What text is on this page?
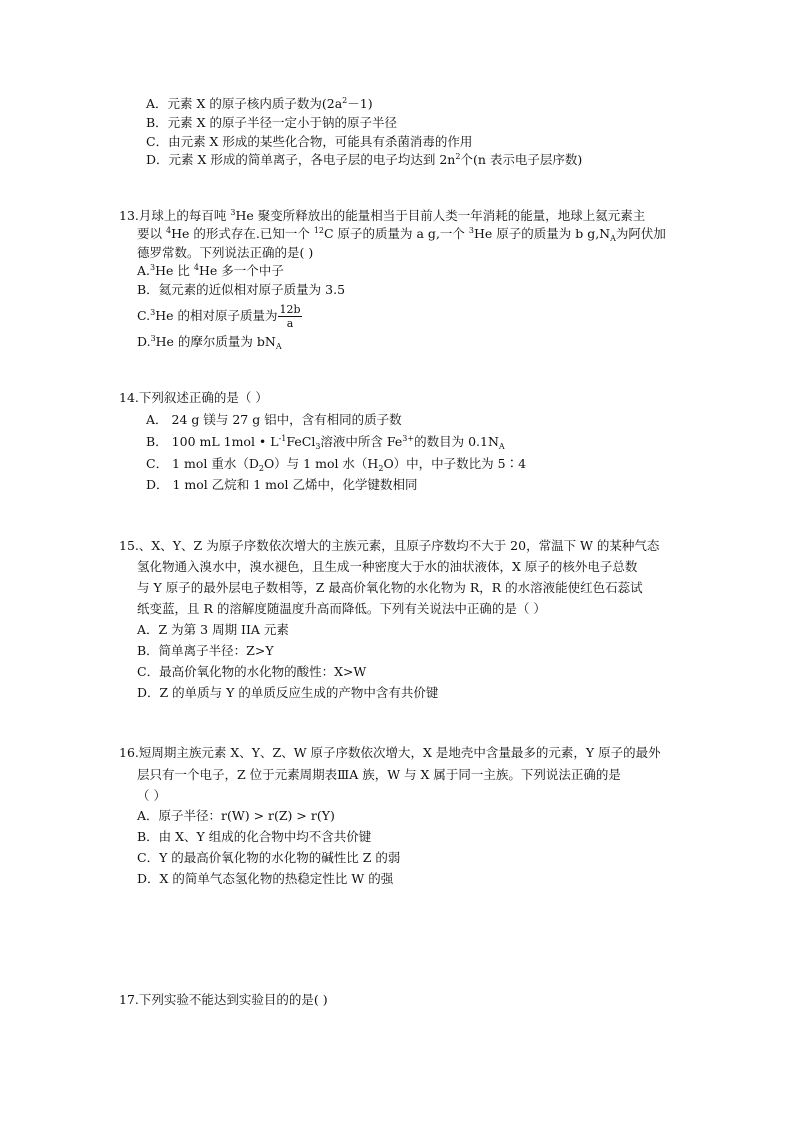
A．元素 X 的原子核内质子数为$(2a^2-1)$
B．元素 X 的原子半径一定小于钠的原子半径
C．由元素 X 形成的某些化合物，可能具有杀菌消毒的作用
D．元素 X 形成的简单离子，各电子层的电子均达到 $2n^2$个(n 表示电子层序数)
13.月球上的每百吨 $^3$He 聚变所释放出的能量相当于目前人类一年消耗的能量，地球上氦元素主
要以 $^4$He 的形式存在.已知一个 $^{12}$C 原子的质量为 a g,一个 $^3$He 原子的质量为 b $g,N_A$为阿伏加
德罗常数。下列说法正确的是( )
A.$^3$He 比 $^4$He 多一个中子
B．氦元素的近似相对原子质量为 3.5
C.$^3$He 的相对原子质量为 $\frac{12b}{a}$
D.$^3$He 的摩尔质量为 $bN_A$
14.下列叙述正确的是（ ）
A． 24 g 镁与 27 g 铝中，含有相同的质子数
B． 100 mL 1mol • $L^{-1}FeCl_3$溶液中所含 $Fe^{3+}$的数目为 $0.1N_A$
C． 1 mol 重水$(D_2O)$与 1 mol 水$(H_2O)$中，中子数比为 5∶4
D． 1 mol 乙烷和 1 mol 乙烯中，化学键数相同
15.、X、Y、Z 为原子序数依次增大的主族元素，且原子序数均不大于 20，常温下 W 的某种气态
氢化物通入溴水中，溴水褪色，且生成一种密度大于水的油状液体，X 原子的核外电子总数
与 Y 原子的最外层电子数相等，Z 最高价氧化物的水化物为 R，R 的水溶液能使红色石蕊试
纸变蓝，且 R 的溶解度随温度升高而降低。下列有关说法中正确的是（ ）
A．Z 为第 3 周期 IIA 元素
B．简单离子半径：Z>Y
C．最高价氧化物的水化物的酸性：X>W
D．Z 的单质与 Y 的单质反应生成的产物中含有共价键
16.短周期主族元素 X、Y、Z、W 原子序数依次增大，X 是地壳中含量最多的元素，Y 原子的最外
层只有一个电子，Z 位于元素周期表ⅢA 族，W 与 X 属于同一主族。下列说法正确的是
（ ）
A．原子半径：r(W) > r(Z) > r(Y)
B．由 X、Y 组成的化合物中均不含共价键
C．Y 的最高价氧化物的水化物的碱性比 Z 的弱
D．X 的简单气态氢化物的热稳定性比 W 的强
17.下列实验不能达到实验目的的是( )
